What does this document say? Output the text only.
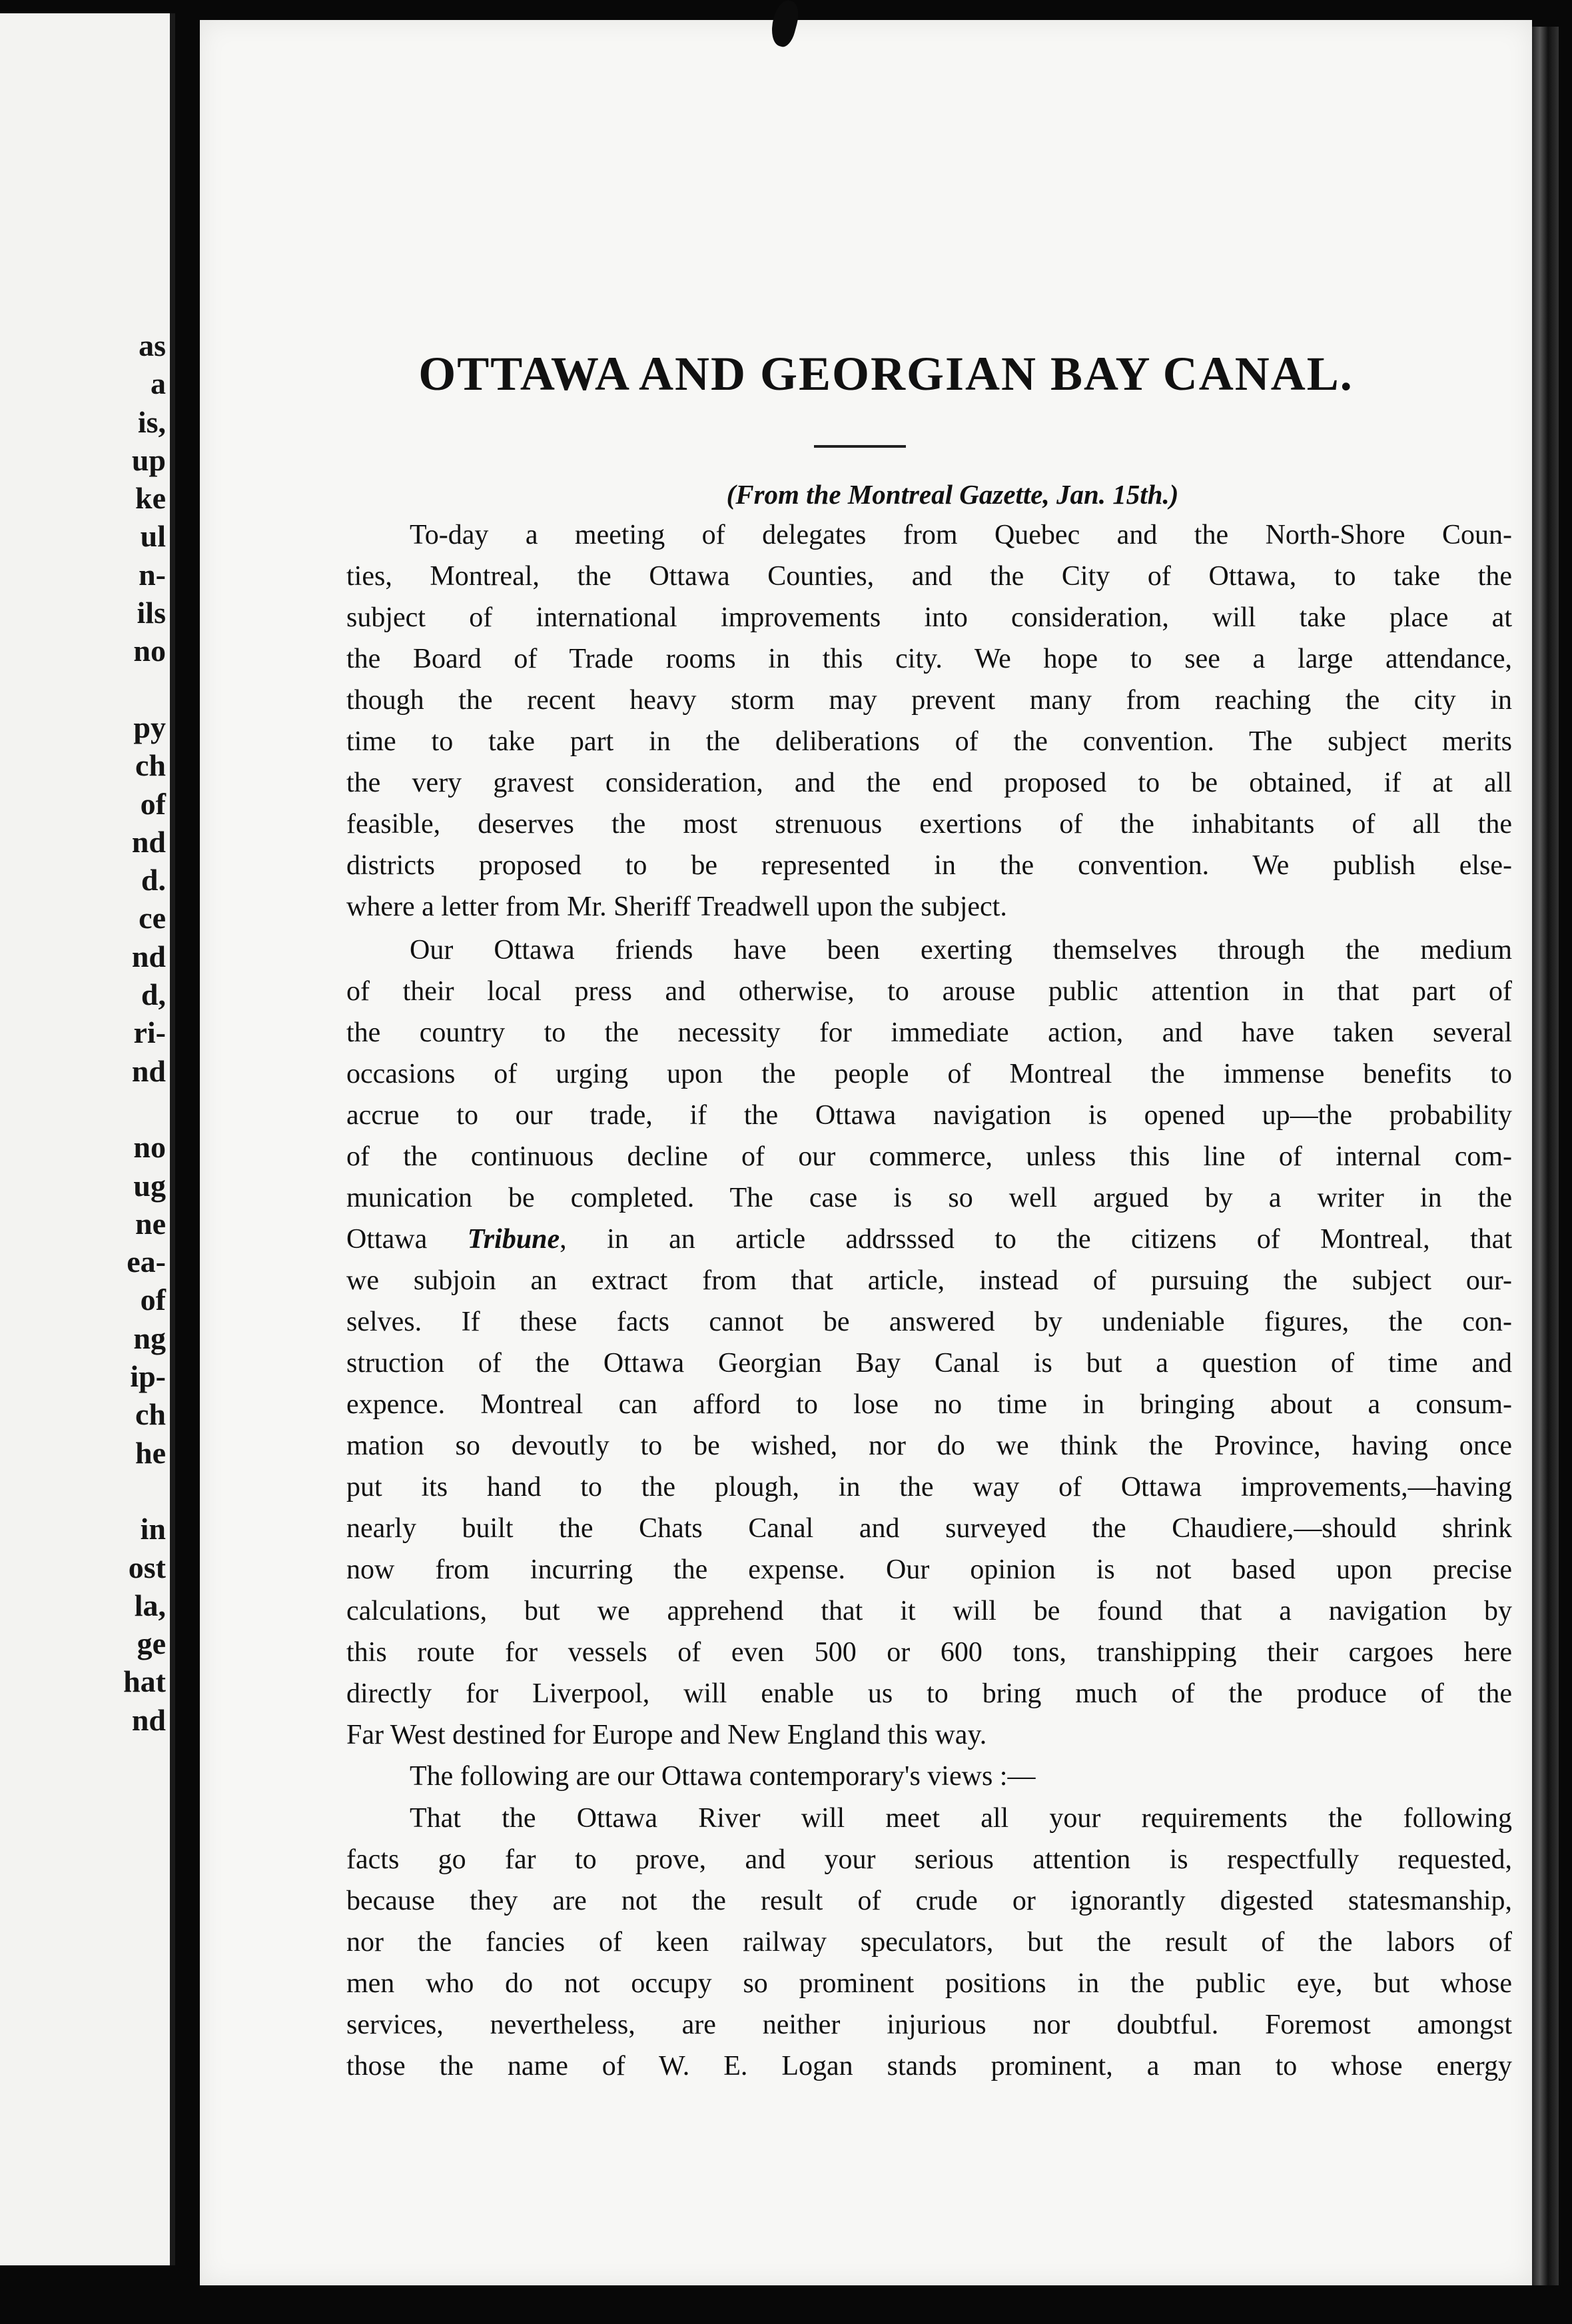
as
a
is,
up
ke
ul
n-
ils
no
py
ch
of
nd
d.
ce
nd
d,
ri-
nd
no
ug
ne
ea-
of
ng
ip-
ch
he
in
ost
la,
ge
hat
nd
OTTAWA AND GEORGIAN BAY CANAL.
(From the Montreal Gazette, Jan. 15th.)
To-day a meeting of delegates from Quebec and the North-Shore Coun-
ties, Montreal, the Ottawa Counties, and the City of Ottawa, to take the
subject of international improvements into consideration, will take place at
the Board of Trade rooms in this city. We hope to see a large attendance,
though the recent heavy storm may prevent many from reaching the city in
time to take part in the deliberations of the convention. The subject merits
the very gravest consideration, and the end proposed to be obtained, if at all
feasible, deserves the most strenuous exertions of the inhabitants of all the
districts proposed to be represented in the convention. We publish else-
where a letter from Mr. Sheriff Treadwell upon the subject.
Our Ottawa friends have been exerting themselves through the medium
of their local press and otherwise, to arouse public attention in that part of
the country to the necessity for immediate action, and have taken several
occasions of urging upon the people of Montreal the immense benefits to
accrue to our trade, if the Ottawa navigation is opened up—the probability
of the continuous decline of our commerce, unless this line of internal com-
munication be completed. The case is so well argued by a writer in the
Ottawa Tribune, in an article addrsssed to the citizens of Montreal, that
we subjoin an extract from that article, instead of pursuing the subject our-
selves. If these facts cannot be answered by undeniable figures, the con-
struction of the Ottawa Georgian Bay Canal is but a question of time and
expence. Montreal can afford to lose no time in bringing about a consum-
mation so devoutly to be wished, nor do we think the Province, having once
put its hand to the plough, in the way of Ottawa improvements,—having
nearly built the Chats Canal and surveyed the Chaudiere,—should shrink
now from incurring the expense. Our opinion is not based upon precise
calculations, but we apprehend that it will be found that a navigation by
this route for vessels of even 500 or 600 tons, transhipping their cargoes here
directly for Liverpool, will enable us to bring much of the produce of the
Far West destined for Europe and New England this way.
The following are our Ottawa contemporary's views :—
That the Ottawa River will meet all your requirements the following
facts go far to prove, and your serious attention is respectfully requested,
because they are not the result of crude or ignorantly digested statesmanship,
nor the fancies of keen railway speculators, but the result of the labors of
men who do not occupy so prominent positions in the public eye, but whose
services, nevertheless, are neither injurious nor doubtful. Foremost amongst
those the name of W. E. Logan stands prominent, a man to whose energy
